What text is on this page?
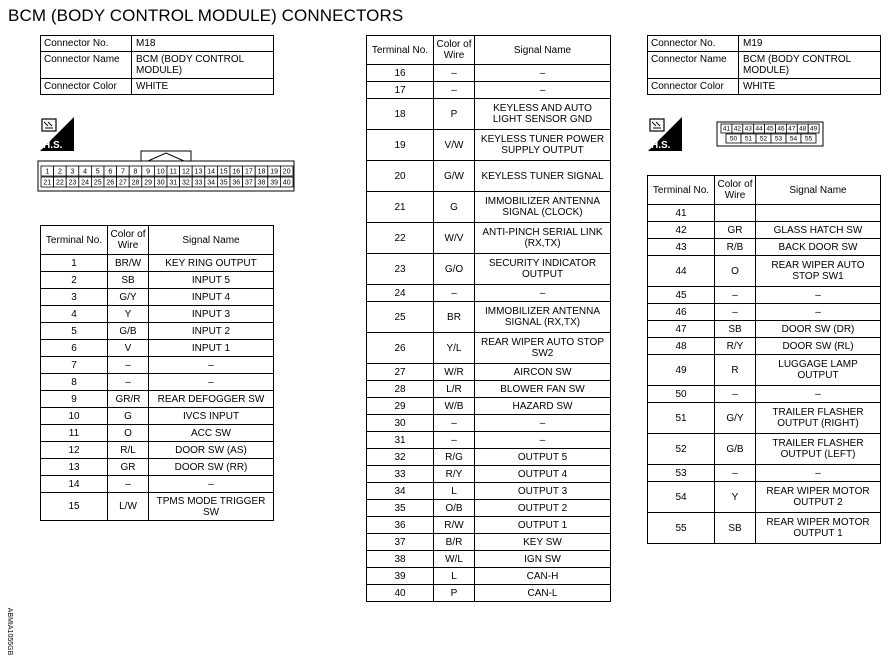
BCM (BODY CONTROL MODULE) CONNECTORS
Connector No.	M18
Connector Name	BCM (BODY CONTROL MODULE)
Connector Color	WHITE
Connector No.	M19
Connector Name	BCM (BODY CONTROL MODULE)
Connector Color	WHITE
H.S.	H.S.
1 2 3 4 5 6 7 8 9 10 11 12 13 14 15 16 17 18 19 20
21 22 23 24 25 26 27 28 29 30 31 32 33 34 35 36 37 38 39 40
41 42 43 44 45 46 47 48 49
50 51 52 53 54 55
Terminal No.	Color of Wire	Signal Name
1	BR/W	KEY RING OUTPUT
2	SB	INPUT 5
3	G/Y	INPUT 4
4	Y	INPUT 3
5	G/B	INPUT 2
6	V	INPUT 1
7	–	–
8	–	–
9	GR/R	REAR DEFOGGER SW
10	G	IVCS INPUT
11	O	ACC SW
12	R/L	DOOR SW (AS)
13	GR	DOOR SW (RR)
14	–	–
15	L/W	TPMS MODE TRIGGER SW
Terminal No.	Color of Wire	Signal Name
16	–	–
17	–	–
18	P	KEYLESS AND AUTO LIGHT SENSOR GND
19	V/W	KEYLESS TUNER POWER SUPPLY OUTPUT
20	G/W	KEYLESS TUNER SIGNAL
21	G	IMMOBILIZER ANTENNA SIGNAL (CLOCK)
22	W/V	ANTI-PINCH SERIAL LINK (RX,TX)
23	G/O	SECURITY INDICATOR OUTPUT
24	–	–
25	BR	IMMOBILIZER ANTENNA SIGNAL (RX,TX)
26	Y/L	REAR WIPER AUTO STOP SW2
27	W/R	AIRCON SW
28	L/R	BLOWER FAN SW
29	W/B	HAZARD SW
30	–	–
31	–	–
32	R/G	OUTPUT 5
33	R/Y	OUTPUT 4
34	L	OUTPUT 3
35	O/B	OUTPUT 2
36	R/W	OUTPUT 1
37	B/R	KEY SW
38	W/L	IGN SW
39	L	CAN-H
40	P	CAN-L
Terminal No.	Color of Wire	Signal Name
41		
42	GR	GLASS HATCH SW
43	R/B	BACK DOOR SW
44	O	REAR WIPER AUTO STOP SW1
45	–	–
46	–	–
47	SB	DOOR SW (DR)
48	R/Y	DOOR SW (RL)
49	R	LUGGAGE LAMP OUTPUT
50	–	–
51	G/Y	TRAILER FLASHER OUTPUT (RIGHT)
52	G/B	TRAILER FLASHER OUTPUT (LEFT)
53	–	–
54	Y	REAR WIPER MOTOR OUTPUT 2
55	SB	REAR WIPER MOTOR OUTPUT 1
ABMIA1055GB
